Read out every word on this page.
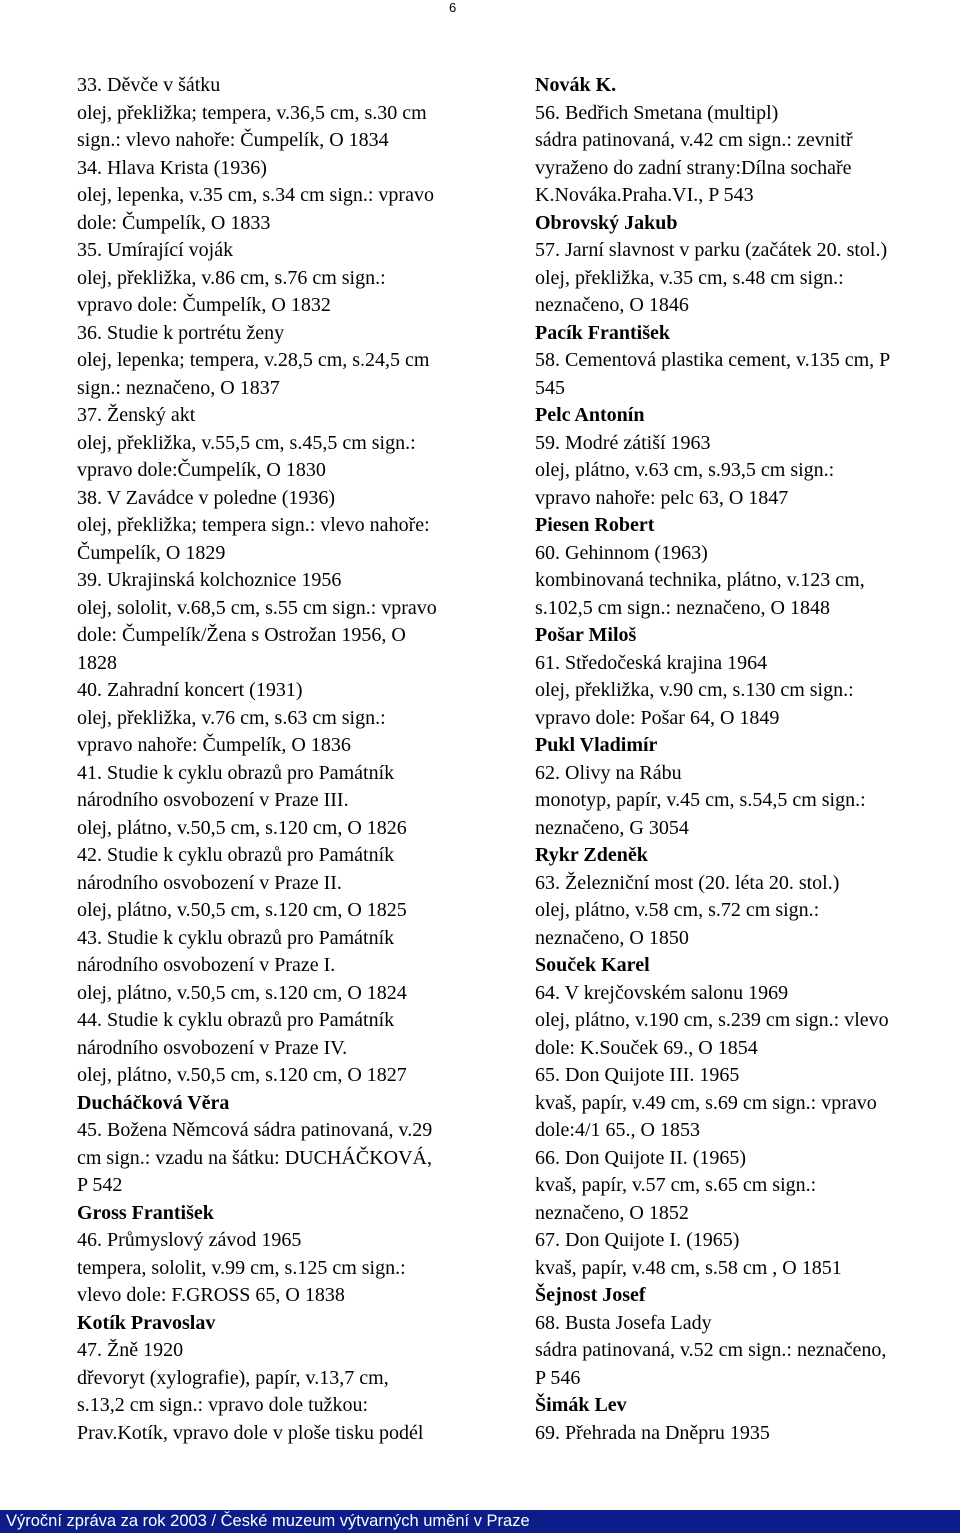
6
33. Děvče v šátku
olej, překližka; tempera, v.36,5 cm, s.30 cm
sign.: vlevo nahoře: Čumpelík, O 1834
34. Hlava Krista (1936)
olej, lepenka, v.35 cm, s.34 cm sign.: vpravo
dole: Čumpelík, O 1833
35. Umírající voják
olej, překližka, v.86 cm, s.76 cm sign.:
vpravo dole: Čumpelík, O 1832
36. Studie k portrétu ženy
olej, lepenka; tempera, v.28,5 cm, s.24,5 cm
sign.: neznačeno, O 1837
37. Ženský akt
olej, překližka, v.55,5 cm, s.45,5 cm sign.:
vpravo dole:Čumpelík, O 1830
38. V Zavádce v poledne (1936)
olej, překližka; tempera sign.: vlevo nahoře:
Čumpelík, O 1829
39. Ukrajinská kolchoznice 1956
olej, sololit, v.68,5 cm, s.55 cm sign.: vpravo
dole: Čumpelík/Žena s Ostrožan 1956, O
1828
40. Zahradní koncert (1931)
olej, překližka, v.76 cm, s.63 cm sign.:
vpravo nahoře: Čumpelík, O 1836
41. Studie k cyklu obrazů pro Památník
národního osvobození v Praze III.
olej, plátno, v.50,5 cm, s.120 cm, O 1826
42. Studie k cyklu obrazů pro Památník
národního osvobození v Praze II.
olej, plátno, v.50,5 cm, s.120 cm, O 1825
43. Studie k cyklu obrazů pro Památník
národního osvobození v Praze I.
olej, plátno, v.50,5 cm, s.120 cm, O 1824
44. Studie k cyklu obrazů pro Památník
národního osvobození v Praze IV.
olej, plátno, v.50,5 cm, s.120 cm, O 1827
Ducháčková Věra
45. Božena Němcová sádra patinovaná, v.29
cm sign.: vzadu na šátku: DUCHÁČKOVÁ,
P 542
Gross František
46. Průmyslový závod 1965
tempera, sololit, v.99 cm, s.125 cm sign.:
vlevo dole: F.GROSS 65, O 1838
Kotík Pravoslav
47. Žně 1920
dřevoryt (xylografie), papír, v.13,7 cm,
s.13,2 cm sign.: vpravo dole tužkou:
Prav.Kotík, vpravo dole v ploše tisku podél
Novák K.
56. Bedřich Smetana (multipl)
sádra patinovaná, v.42 cm sign.: zevnitř
vyraženo do zadní strany:Dílna sochaře
K.Nováka.Praha.VI., P 543
Obrovský Jakub
57. Jarní slavnost v parku (začátek 20. stol.)
olej, překližka, v.35 cm, s.48 cm sign.:
neznačeno, O 1846
Pacík František
58. Cementová plastika cement, v.135 cm, P
545
Pelc Antonín
59. Modré zátiší 1963
olej, plátno, v.63 cm, s.93,5 cm sign.:
vpravo nahoře: pelc 63, O 1847
Piesen Robert
60. Gehinnom (1963)
kombinovaná technika, plátno, v.123 cm,
s.102,5 cm sign.: neznačeno, O 1848
Pošar Miloš
61. Středočeská krajina 1964
olej, překližka, v.90 cm, s.130 cm sign.:
vpravo dole: Pošar 64, O 1849
Pukl Vladimír
62. Olivy na Rábu
monotyp, papír, v.45 cm, s.54,5 cm sign.:
neznačeno, G 3054
Rykr Zdeněk
63. Železniční most (20. léta 20. stol.)
olej, plátno, v.58 cm, s.72 cm sign.:
neznačeno, O 1850
Souček Karel
64. V krejčovském salonu 1969
olej, plátno, v.190 cm, s.239 cm sign.: vlevo
dole: K.Souček 69., O 1854
65. Don Quijote III. 1965
kvaš, papír, v.49 cm, s.69 cm sign.: vpravo
dole:4/1 65., O 1853
66. Don Quijote II. (1965)
kvaš, papír, v.57 cm, s.65 cm sign.:
neznačeno, O 1852
67. Don Quijote I. (1965)
kvaš, papír, v.48 cm, s.58 cm , O 1851
Šejnost Josef
68. Busta Josefa Lady
sádra patinovaná, v.52 cm sign.: neznačeno,
P 546
Šimák Lev
69. Přehrada na Dněpru 1935
Výroční zpráva za rok 2003 / České muzeum výtvarných umění v Praze
